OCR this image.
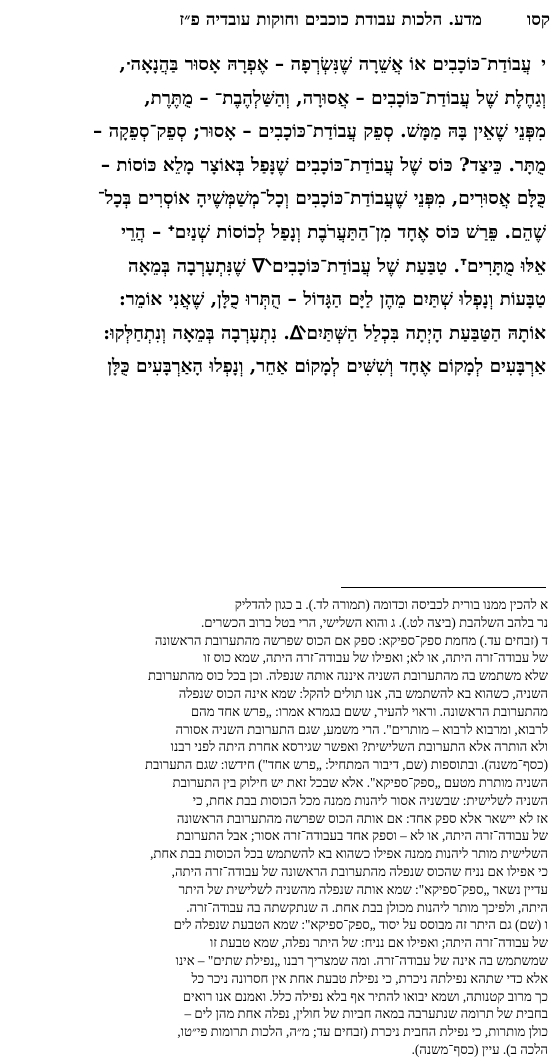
קסו
מדע. הלכות עבודת כוכבים וחוקות עובדיה פ״ז
יעֲבוֹדַת־כּוֹכָבִים אוֹ אֲשֵׁרָה שֶׁנִּשְׂרְפָה – אֶפְרָהּ אָסוּר בַּהֲנָאָהᐧ,
וְגַחֶלֶת שֶׁל עֲבוֹדַת־כּוֹכָבִים – אֲסוּרָה, וְהַשַּׁלְהֶבֶתᐨ – מֻתֶּרֶת,
מִפְּנֵי שֶׁאֵין בָּהּ מַמָּשׁ. סְפֵק עֲבוֹדַת־כּוֹכָבִים – אָסוּר; סְפֵק־סְפֵקָה –
מֻתָּר. כֵּיצַד? כּוֹס שֶׁל עֲבוֹדַת־כּוֹכָבִים שֶׁנָּפַל בְּאוֹצָר מָלֵא כּוֹסוֹת –
כֻּלָּם אֲסוּרִים, מִפְּנֵי שֶׁעֲבוֹדַת־כּוֹכָבִים וְכָל־מְשַׁמְּשֶׁיהָ אוֹסְרִים בְּכָל־
שֶׁהֵם. פֵּרַשׁ כּוֹס אֶחָד מִן־הַתַּעֲרֹבֶת וְנָפַל לְכוֹסוֹת שְׁנַיִםᐩ – הֲרֵי
אֵלּוּ מֻתָּרִיםᐪ. טַבַּעַת שֶׁל עֲבוֹדַת־כּוֹכָבִיםᐫ שֶׁנִּתְעָרְבָה בְּמֵאָה
טַבָּעוֹת וְנָפְלוּ שְׁתַּיִם מֵהֶן לַיָּם הַגָּדוֹל – הֻתְּרוּ כֻלָּן, שֶׁאֲנִי אוֹמֵר:
אוֹתָהּ הַטַּבַּעַת הָיְתָה בִּכְלַל הַשְּׁתַּיִםᐬ. נִתְעָרְבָה בְּמֵאָה וְנִתְחַלְּקוּ:
אַרְבָּעִים לְמָקוֹם אֶחָד וְשִׁשִּׁים לְמָקוֹם אַחֵר, וְנָפְלוּ הָאַרְבָּעִים כֻּלָּן
א להכין ממנו בורית לכביסה וכדומה (תמורה לד.). ב כגון להדליק
נר בלהב השלהבת (ביצה לט.). ג והוא השלישי, הרי בטל ברוב הכשרים.
ד (זבחים עד.) מחמת ספק־ספיקא: ספק אם הכוס שפרשה מהתערובת הראשונה
של עבודה־זרה היתה, או לא; ואפילו של עבודה־זרה היתה, שמא כוס זו
שלא משתמש בה מהתערובת השניה איננה אותה שנפלה. וכן בכל כוס מהתערובת
השניה, כשהוא בא להשתמש בה, אנו תולים להקל: שמא אינה הכוס שנפלה
מהתערובת הראשונה. וראוי להעיר, ששם בגמרא אמרו: „פרש אחד מהם
לרבוא, ומרבוא לרבוא – מותרים". הרי משמע, שגם התערובת השניה אסורה
ולא הותרה אלא התערובת השלישית? ואפשר שגירסא אחרת היתה לפני רבנו
(כסף־משנה). ובתוספות (שם, דיבור המתחיל: „פרש אחד") חידשו: שגם התערובת
השניה מותרת מטעם „ספק־ספיקא". אלא שבכל זאת יש חילוק בין התערובת
השניה לשלישית: שבשניה אסור ליהנות ממנה מכל הכוסות בבת אחת, כי
אז לא יישאר אלא ספק אחד: אם אותה הכוס שפרשה מהתערובת הראשונה
של עבודה־זרה היתה, או לא – וספק אחד בעבודה־זרה אסור; אבל התערובת
השלישית מותר ליהנות ממנה אפילו כשהוא בא להשתמש בכל הכוסות בבת אחת,
כי אפילו אם נניח שהכוס שנפלה מהתערובת הראשונה של עבודה־זרה היתה,
עדיין נשאר „ספק־ספיקא": שמא אותה שנפלה מהשניה לשלישית של היתר
היתה, ולפיכך מותר ליהנות מכולן בבת אחת. ה שנתקשתה בה עבודה־זרה.
ו (שם) גם היתר זה מבוסס על יסוד „ספק־ספיקא": שמא הטבעת שנפלה לים
של עבודה־זרה היתה; ואפילו אם נניח: של היתר נפלה, שמא טבעת זו
שמשתמש בה אינה של עבודה־זרה. ומה שמצריך רבנו „נפילת שתים" – אינו
אלא כדי שתהא נפילתה ניכרת, כי נפילת טבעת אחת אין חסרונה ניכר כל
כך מרוב קטנותה, ושמא יבואו להתיר אף בלא נפילה כלל. ואמנם אנו רואים
בחבית של תרומה שנתערבה במאה חביות של חולין, נפלה אחת מהן לים –
כולן מותרות, כי נפילת החבית ניכרת (זבחים עד; מ״ה, הלכות תרומות פי״טו,
הלכה ב). עיין (כסף־משנה).
